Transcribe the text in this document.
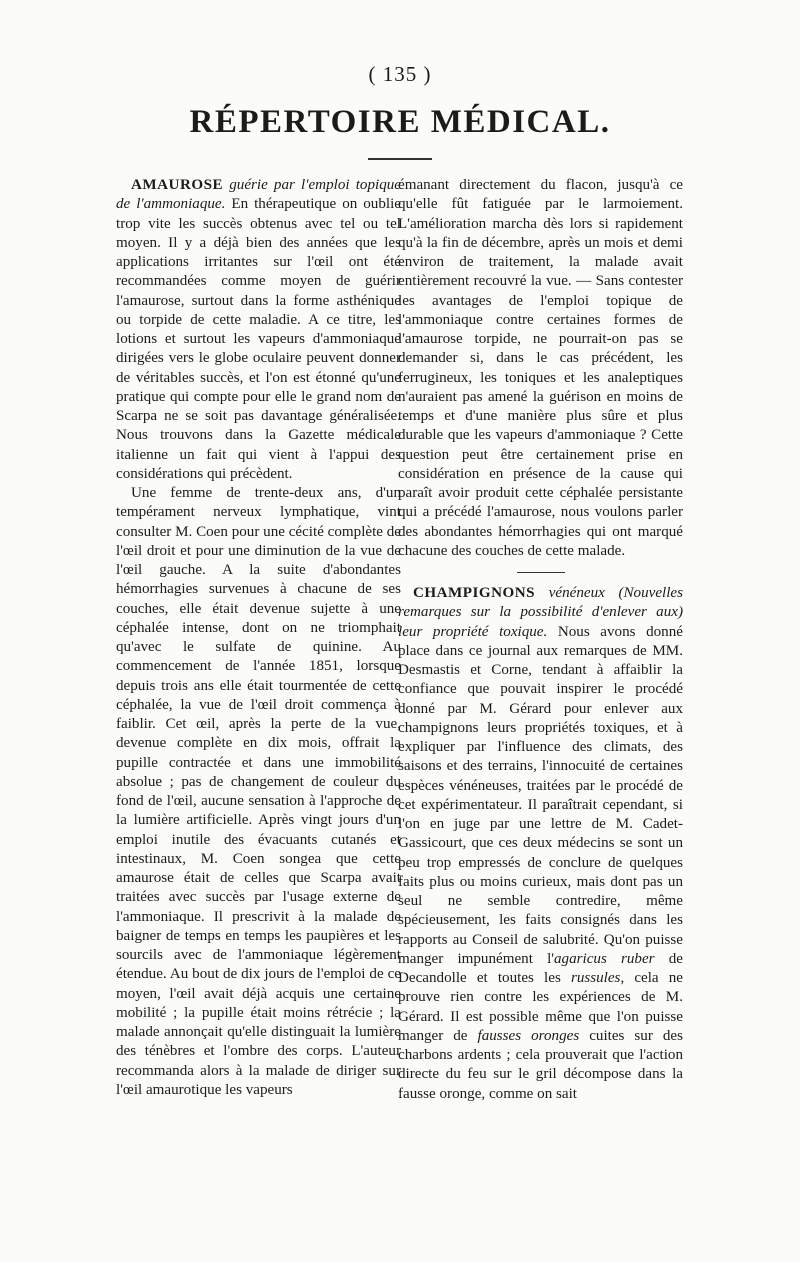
( 135 )
RÉPERTOIRE MÉDICAL.

AMAUROSE guérie par l'emploi topique de l'ammoniaque. En thérapeutique on oublie trop vite les succès obtenus avec tel ou tel moyen. Il y a déjà bien des années que les applications irritantes sur l'œil ont été recommandées comme moyen de guérir l'amaurose, surtout dans la forme asthénique ou torpide de cette maladie. A ce titre, les lotions et surtout les vapeurs d'ammoniaque dirigées vers le globe oculaire peuvent donner de véritables succès, et l'on est étonné qu'une pratique qui compte pour elle le grand nom de Scarpa ne se soit pas davantage généralisée. Nous trouvons dans la Gazette médicale italienne un fait qui vient à l'appui des considérations qui précèdent.

Une femme de trente-deux ans, d'un tempérament nerveux lymphatique, vint consulter M. Coen pour une cécité complète de l'œil droit et pour une diminution de la vue de l'œil gauche. A la suite d'abondantes hémorrhagies survenues à chacune de ses couches, elle était devenue sujette à une céphalée intense, dont on ne triomphait qu'avec le sulfate de quinine. Au commencement de l'année 1851, lorsque depuis trois ans elle était tourmentée de cette céphalée, la vue de l'œil droit commença à faiblir. Cet œil, après la perte de la vue, devenue complète en dix mois, offrait la pupille contractée et dans une immobilité absolue ; pas de changement de couleur du fond de l'œil, aucune sensation à l'approche de la lumière artificielle. Après vingt jours d'un emploi inutile des évacuants cutanés et intestinaux, M. Coen songea que cette amaurose était de celles que Scarpa avait traitées avec succès par l'usage externe de l'ammoniaque. Il prescrivit à la malade de baigner de temps en temps les paupières et les sourcils avec de l'ammoniaque légèrement étendue. Au bout de dix jours de l'emploi de ce moyen, l'œil avait déjà acquis une certaine mobilité ; la pupille était moins rétrécie ; la malade annonçait qu'elle distinguait la lumière des ténèbres et l'ombre des corps. L'auteur recommanda alors à la malade de diriger sur l'œil amaurotique les vapeurs

émanant directement du flacon, jusqu'à ce qu'elle fût fatiguée par le larmoiement. L'amélioration marcha dès lors si rapidement qu'à la fin de décembre, après un mois et demi environ de traitement, la malade avait entièrement recouvré la vue. — Sans contester les avantages de l'emploi topique de l'ammoniaque contre certaines formes de l'amaurose torpide, ne pourrait-on pas se demander si, dans le cas précédent, les ferrugineux, les toniques et les analeptiques n'auraient pas amené la guérison en moins de temps et d'une manière plus sûre et plus durable que les vapeurs d'ammoniaque ? Cette question peut être certainement prise en considération en présence de la cause qui paraît avoir produit cette céphalée persistante qui a précédé l'amaurose, nous voulons parler des abondantes hémorrhagies qui ont marqué chacune des couches de cette malade.

CHAMPIGNONS vénéneux (Nouvelles remarques sur la possibilité d'enlever aux) leur propriété toxique. Nous avons donné place dans ce journal aux remarques de MM. Desmastis et Corne, tendant à affaiblir la confiance que pouvait inspirer le procédé donné par M. Gérard pour enlever aux champignons leurs propriétés toxiques, et à expliquer par l'influence des climats, des saisons et des terrains, l'innocuité de certaines espèces vénéneuses, traitées par le procédé de cet expérimentateur. Il paraîtrait cependant, si l'on en juge par une lettre de M. Cadet-Gassicourt, que ces deux médecins se sont un peu trop empressés de conclure de quelques faits plus ou moins curieux, mais dont pas un seul ne semble contredire, même spécieusement, les faits consignés dans les rapports au Conseil de salubrité. Qu'on puisse manger impunément l'agaricus ruber de Decandolle et toutes les russules, cela ne prouve rien contre les expériences de M. Gérard. Il est possible même que l'on puisse manger de fausses oronges cuites sur des charbons ardents ; cela prouverait que l'action directe du feu sur le gril décompose dans la fausse oronge, comme on sait
